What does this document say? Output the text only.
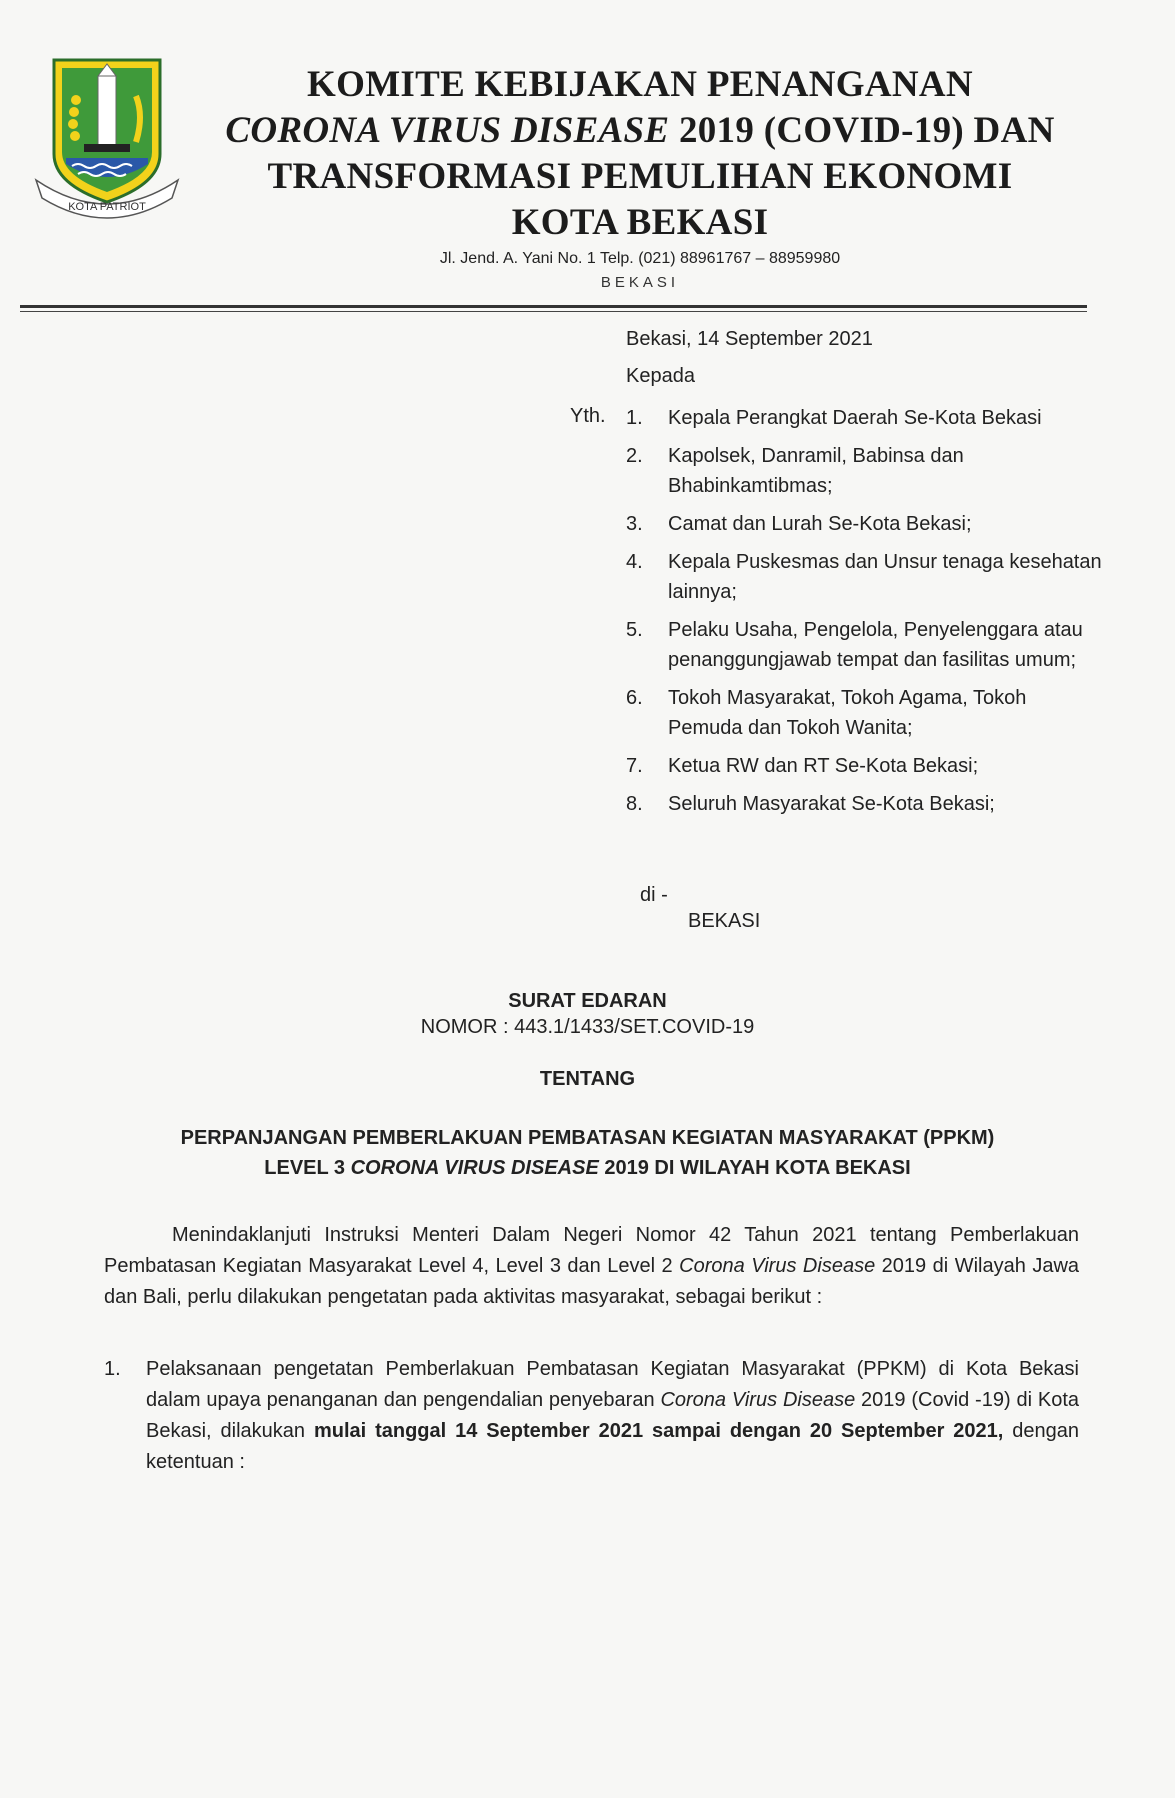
KOTA PATRIOT
KOMITE KEBIJAKAN PENANGANAN
CORONA VIRUS DISEASE 2019 (COVID-19) DAN
TRANSFORMASI PEMULIHAN EKONOMI
KOTA BEKASI
Jl. Jend. A. Yani No. 1 Telp. (021) 88961767 – 88959980
BEKASI
Bekasi, 14 September 2021
Kepada
Yth. 1. Kepala Perangkat Daerah Se-Kota Bekasi
2. Kapolsek, Danramil, Babinsa dan Bhabinkamtibmas;
3. Camat dan Lurah Se-Kota Bekasi;
4. Kepala Puskesmas dan Unsur tenaga kesehatan lainnya;
5. Pelaku Usaha, Pengelola, Penyelenggara atau penanggungjawab tempat dan fasilitas umum;
6. Tokoh Masyarakat, Tokoh Agama, Tokoh Pemuda dan Tokoh Wanita;
7. Ketua RW dan RT Se-Kota Bekasi;
8. Seluruh Masyarakat Se-Kota Bekasi;
di -
BEKASI
SURAT EDARAN
NOMOR : 443.1/1433/SET.COVID-19
TENTANG
PERPANJANGAN PEMBERLAKUAN PEMBATASAN KEGIATAN MASYARAKAT (PPKM)
LEVEL 3 CORONA VIRUS DISEASE 2019 DI WILAYAH KOTA BEKASI
Menindaklanjuti Instruksi Menteri Dalam Negeri Nomor 42 Tahun 2021 tentang Pemberlakuan Pembatasan Kegiatan Masyarakat Level 4, Level 3 dan Level 2 Corona Virus Disease 2019 di Wilayah Jawa dan Bali, perlu dilakukan pengetatan pada aktivitas masyarakat, sebagai berikut :
1. Pelaksanaan pengetatan Pemberlakuan Pembatasan Kegiatan Masyarakat (PPKM) di Kota Bekasi dalam upaya penanganan dan pengendalian penyebaran Corona Virus Disease 2019 (Covid -19) di Kota Bekasi, dilakukan mulai tanggal 14 September 2021 sampai dengan 20 September 2021, dengan ketentuan :
